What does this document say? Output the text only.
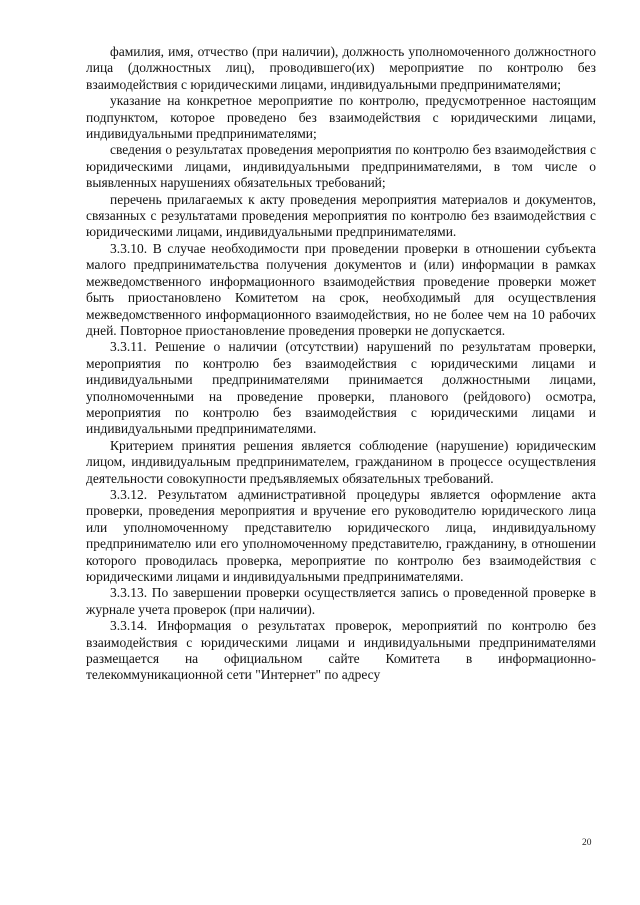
фамилия, имя, отчество (при наличии), должность уполномоченного должностного лица (должностных лиц), проводившего(их) мероприятие по контролю без взаимодействия с юридическими лицами, индивидуальными предпринимателями;

указание на конкретное мероприятие по контролю, предусмотренное настоящим подпунктом, которое проведено без взаимодействия с юридическими лицами, индивидуальными предпринимателями;

сведения о результатах проведения мероприятия по контролю без взаимодействия с юридическими лицами, индивидуальными предпринимателями, в том числе о выявленных нарушениях обязательных требований;

перечень прилагаемых к акту проведения мероприятия материалов и документов, связанных с результатами проведения мероприятия по контролю без взаимодействия с юридическими лицами, индивидуальными предпринимателями.

3.3.10. В случае необходимости при проведении проверки в отношении субъекта малого предпринимательства получения документов и (или) информации в рамках межведомственного информационного взаимодействия проведение проверки может быть приостановлено Комитетом на срок, необходимый для осуществления межведомственного информационного взаимодействия, но не более чем на 10 рабочих дней. Повторное приостановление проведения проверки не допускается.

3.3.11. Решение о наличии (отсутствии) нарушений по результатам проверки, мероприятия по контролю без взаимодействия с юридическими лицами и индивидуальными предпринимателями принимается должностными лицами, уполномоченными на проведение проверки, планового (рейдового) осмотра, мероприятия по контролю без взаимодействия с юридическими лицами и индивидуальными предпринимателями.

Критерием принятия решения является соблюдение (нарушение) юридическим лицом, индивидуальным предпринимателем, гражданином в процессе осуществления деятельности совокупности предъявляемых обязательных требований.

3.3.12. Результатом административной процедуры является оформление акта проверки, проведения мероприятия и вручение его руководителю юридического лица или уполномоченному представителю юридического лица, индивидуальному предпринимателю или его уполномоченному представителю, гражданину, в отношении которого проводилась проверка, мероприятие по контролю без взаимодействия с юридическими лицами и индивидуальными предпринимателями.

3.3.13. По завершении проверки осуществляется запись о проведенной проверке в журнале учета проверок (при наличии).

3.3.14. Информация о результатах проверок, мероприятий по контролю без взаимодействия с юридическими лицами и индивидуальными предпринимателями размещается на официальном сайте Комитета в информационно-телекоммуникационной сети "Интернет" по адресу

20
